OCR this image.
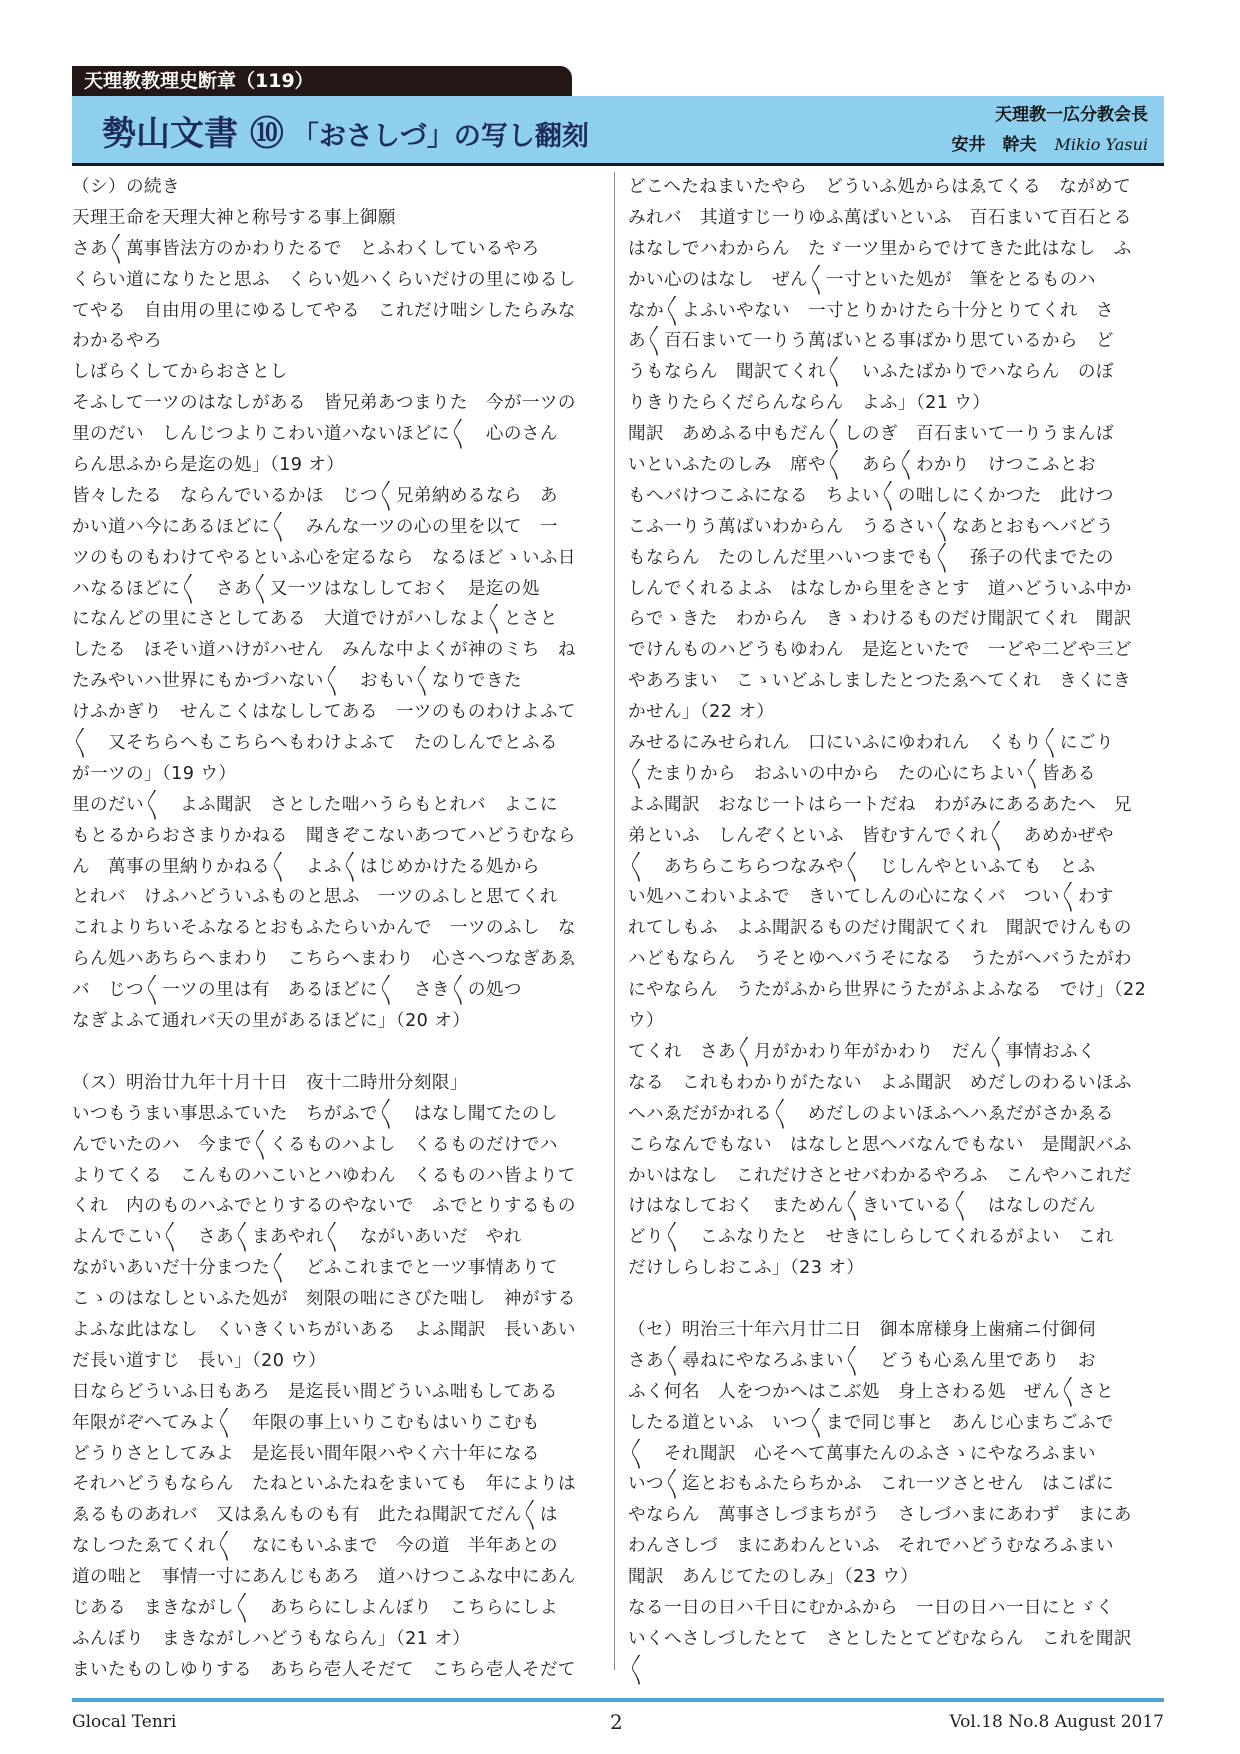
天理教教理史断章（119）
勢山文書 ⑩ 「おさしづ」の写し翻刻
天理教一広分教会長
安井　幹夫 Mikio Yasui
（シ）の続き
天理王命を天理大神と称号する事上御願
さあ〳〵萬事皆法方のかわりたるで　とふわくしているやろ
くらい道になりたと思ふ　くらい処ハくらいだけの里にゆるし
てやる　自由用の里にゆるしてやる　これだけ咄シしたらみな
わかるやろ
しばらくしてからおさとし
そふして一ツのはなしがある　皆兄弟あつまりた　今が一ツの
里のだい　しんじつよりこわい道ハないほどに〳〵　心のさん
らん思ふから是迄の処」（19 オ）
皆々したる　ならんでいるかほ　じつ〳〵兄弟納めるなら　あ
かい道ハ今にあるほどに〳〵　みんな一ツの心の里を以て　一
ツのものもわけてやるといふ心を定るなら　なるほどゝいふ日
ハなるほどに〳〵　さあ〳〵又一ツはなししておく　是迄の処
になんどの里にさとしてある　大道でけがハしなよ〳〵とさと
したる　ほそい道ハけがハせん　みんな中よくが神のミち　ね
たみやいハ世界にもかづハない〳〵　おもい〳〵なりできた
けふかぎり　せんこくはなししてある　一ツのものわけよふて
〳〵　又そちらへもこちらへもわけよふて　たのしんでとふる
が一ツの」（19 ウ）
里のだい〳〵　よふ聞訳　さとした咄ハうらもとれバ　よこに
もとるからおさまりかねる　聞きぞこないあつてハどうむなら
ん　萬事の里納りかねる〳〵　よふ〳〵はじめかけたる処から
とれバ　けふハどういふものと思ふ　一ツのふしと思てくれ
これよりちいそふなるとおもふたらいかんで　一ツのふし　な
らん処ハあちらへまわり　こちらへまわり　心さへつなぎあゑ
バ　じつ〳〵一ツの里は有　あるほどに〳〵　さき〳〵の処つ
なぎよふて通れバ天の里があるほどに」（20 オ）
（ス）明治廿九年十月十日　夜十二時卅分刻限」
いつもうまい事思ふていた　ちがふで〳〵　はなし聞てたのし
んでいたのハ　今まで〳〵くるものハよし　くるものだけでハ
よりてくる　こんものハこいとハゆわん　くるものハ皆よりて
くれ　内のものハふでとりするのやないで　ふでとりするもの
よんでこい〳〵　さあ〳〵まあやれ〳〵　ながいあいだ　やれ
ながいあいだ十分まつた〳〵　どふこれまでと一ツ事情ありて
こゝのはなしといふた処が　刻限の咄にさびた咄し　神がする
よふな此はなし　くいきくいちがいある　よふ聞訳　長いあい
だ長い道すじ　長い」（20 ウ）
日ならどういふ日もあろ　是迄長い間どういふ咄もしてある
年限がぞへてみよ〳〵　年限の事上いりこむもはいりこむも
どうりさとしてみよ　是迄長い間年限ハやく六十年になる
それハどうもならん　たねといふたねをまいても　年によりは
ゑるものあれバ　又はゑんものも有　此たね聞訳てだん〳〵は
なしつたゑてくれ〳〵　なにもいふまで　今の道　半年あとの
道の咄と　事情一寸にあんじもあろ　道ハけつこふな中にあん
じある　まきながし〳〵　あちらにしよんぼり　こちらにしよ
ふんぼり　まきながしハどうもならん」（21 オ）
まいたものしゆりする　あちら壱人そだて　こちら壱人そだて
どこへたねまいたやら　どういふ処からはゑてくる　ながめて
みれバ　其道すじ一りゆふ萬ばいといふ　百石まいて百石とる
はなしでハわからん　たゞ一ツ里からでけてきた此はなし　ふ
かい心のはなし　ぜん〳〵一寸といた処が　筆をとるものハ
なか〳〵よふいやない　一寸とりかけたら十分とりてくれ　さ
あ〳〵百石まいて一りう萬ばいとる事ばかり思ているから　ど
うもならん　聞訳てくれ〳〵　いふたばかりでハならん　のぼ
りきりたらくだらんならん　よふ」（21 ウ）
聞訳　あめふる中もだん〳〵しのぎ　百石まいて一りうまんば
いといふたのしみ　席や〳〵　あら〳〵わかり　けつこふとお
もへバけつこふになる　ちよい〳〵の咄しにくかつた　此けつ
こふ一りう萬ばいわからん　うるさい〳〵なあとおもへバどう
もならん　たのしんだ里ハいつまでも〳〵　孫子の代までたの
しんでくれるよふ　はなしから里をさとす　道ハどういふ中か
らでゝきた　わからん　きゝわけるものだけ聞訳てくれ　聞訳
でけんものハどうもゆわん　是迄といたで　一どや二どや三ど
やあろまい　こゝいどふしましたとつたゑへてくれ　きくにき
かせん」（22 オ）
みせるにみせられん　口にいふにゆわれん　くもり〳〵にごり
〳〵たまりから　おふいの中から　たの心にちよい〳〵皆ある
よふ聞訳　おなじ一トはら一トだね　わがみにあるあたへ　兄
弟といふ　しんぞくといふ　皆むすんでくれ〳〵　あめかぜや
〳〵　あちらこちらつなみや〳〵　じしんやといふても　とふ
い処ハこわいよふで　きいてしんの心になくバ　つい〳〵わす
れてしもふ　よふ聞訳るものだけ聞訳てくれ　聞訳でけんもの
ハどもならん　うそとゆへバうそになる　うたがへバうたがわ
にやならん　うたがふから世界にうたがふよふなる　でけ」（22
ウ）
てくれ　さあ〳〵月がかわり年がかわり　だん〳〵事情おふく
なる　これもわかりがたない　よふ聞訳　めだしのわるいほふ
へハゑだがかれる〳〵　めだしのよいほふへハゑだがさかゑる
こらなんでもない　はなしと思へバなんでもない　是聞訳バふ
かいはなし　これだけさとせバわかるやろふ　こんやハこれだ
けはなしておく　まためん〳〵きいている〳〵　はなしのだん
どり〳〵　こふなりたと　せきにしらしてくれるがよい　これ
だけしらしおこふ」（23 オ）
（セ）明治三十年六月廿二日　御本席様身上歯痛ニ付御伺
さあ〳〵尋ねにやなろふまい〳〵　どうも心ゑん里であり　お
ふく何名　人をつかへはこぶ処　身上さわる処　ぜん〳〵さと
したる道といふ　いつ〳〵まで同じ事と　あんじ心まちごふで
〳〵　それ聞訳　心そへて萬事たんのふさゝにやなろふまい
いつ〳〵迄とおもふたらちかふ　これ一ツさとせん　はこばに
やならん　萬事さしづまちがう　さしづハまにあわず　まにあ
わんさしづ　まにあわんといふ　それでハどうむなろふまい
聞訳　あんじてたのしみ」（23 ウ）
なる一日の日ハ千日にむかふから　一日の日ハ一日にとゞく
いくへさしづしたとて　さとしたとてどむならん　これを聞訳
〳〵
Glocal Tenri	2	Vol.18 No.8 August 2017
